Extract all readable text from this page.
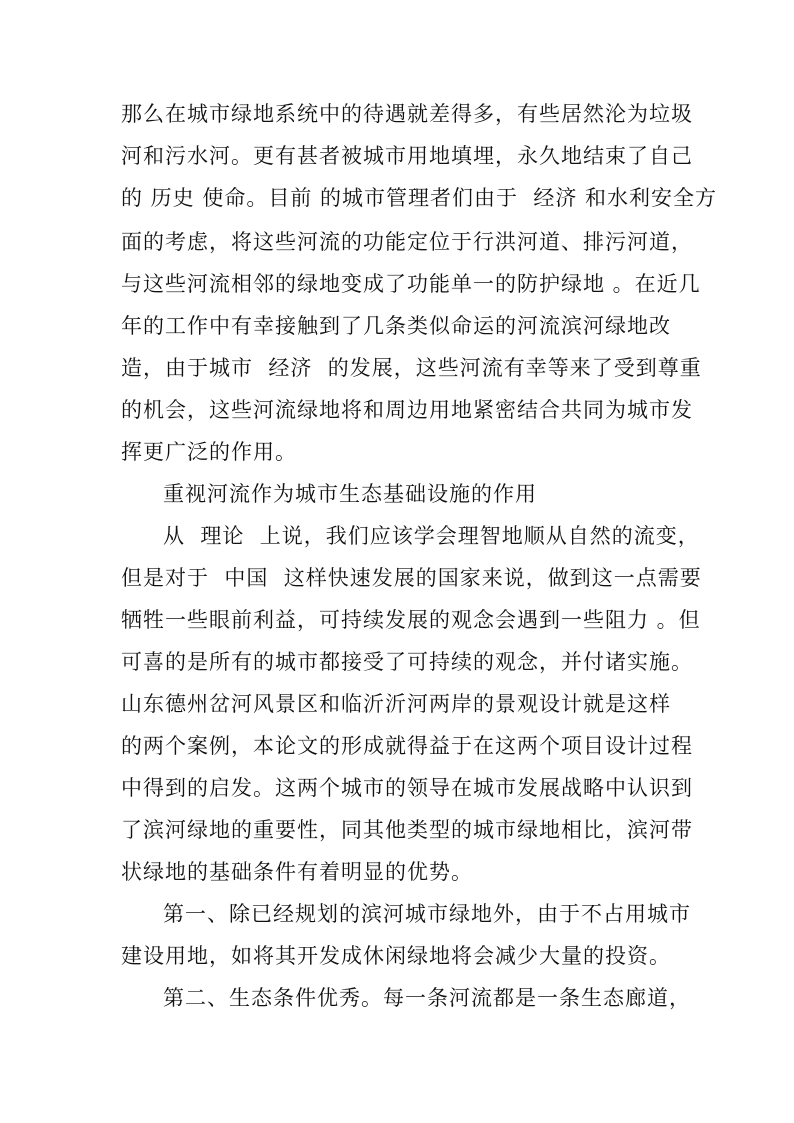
那么在城市绿地系统中的待遇就差得多，有些居然沦为垃圾
河和污水河。更有甚者被城市用地填埋，永久地结束了自己
的 历史 使命。目前 的城市管理者们由于  经济 和水利安全方
面的考虑，将这些河流的功能定位于行洪河道、排污河道，
与这些河流相邻的绿地变成了功能单一的防护绿地 。在近几
年的工作中有幸接触到了几条类似命运的河流滨河绿地改
造，由于城市  经济  的发展，这些河流有幸等来了受到尊重
的机会，这些河流绿地将和周边用地紧密结合共同为城市发
挥更广泛的作用。
重视河流作为城市生态基础设施的作用
从  理论  上说，我们应该学会理智地顺从自然的流变，
但是对于  中国  这样快速发展的国家来说，做到这一点需要
牺牲一些眼前利益，可持续发展的观念会遇到一些阻力 。但
可喜的是所有的城市都接受了可持续的观念，并付诸实施。
山东德州岔河风景区和临沂沂河两岸的景观设计就是这样
的两个案例，本论文的形成就得益于在这两个项目设计过程
中得到的启发。这两个城市的领导在城市发展战略中认识到
了滨河绿地的重要性，同其他类型的城市绿地相比，滨河带
状绿地的基础条件有着明显的优势。
第一、除已经规划的滨河城市绿地外，由于不占用城市
建设用地，如将其开发成休闲绿地将会减少大量的投资。
第二、生态条件优秀。每一条河流都是一条生态廊道，
